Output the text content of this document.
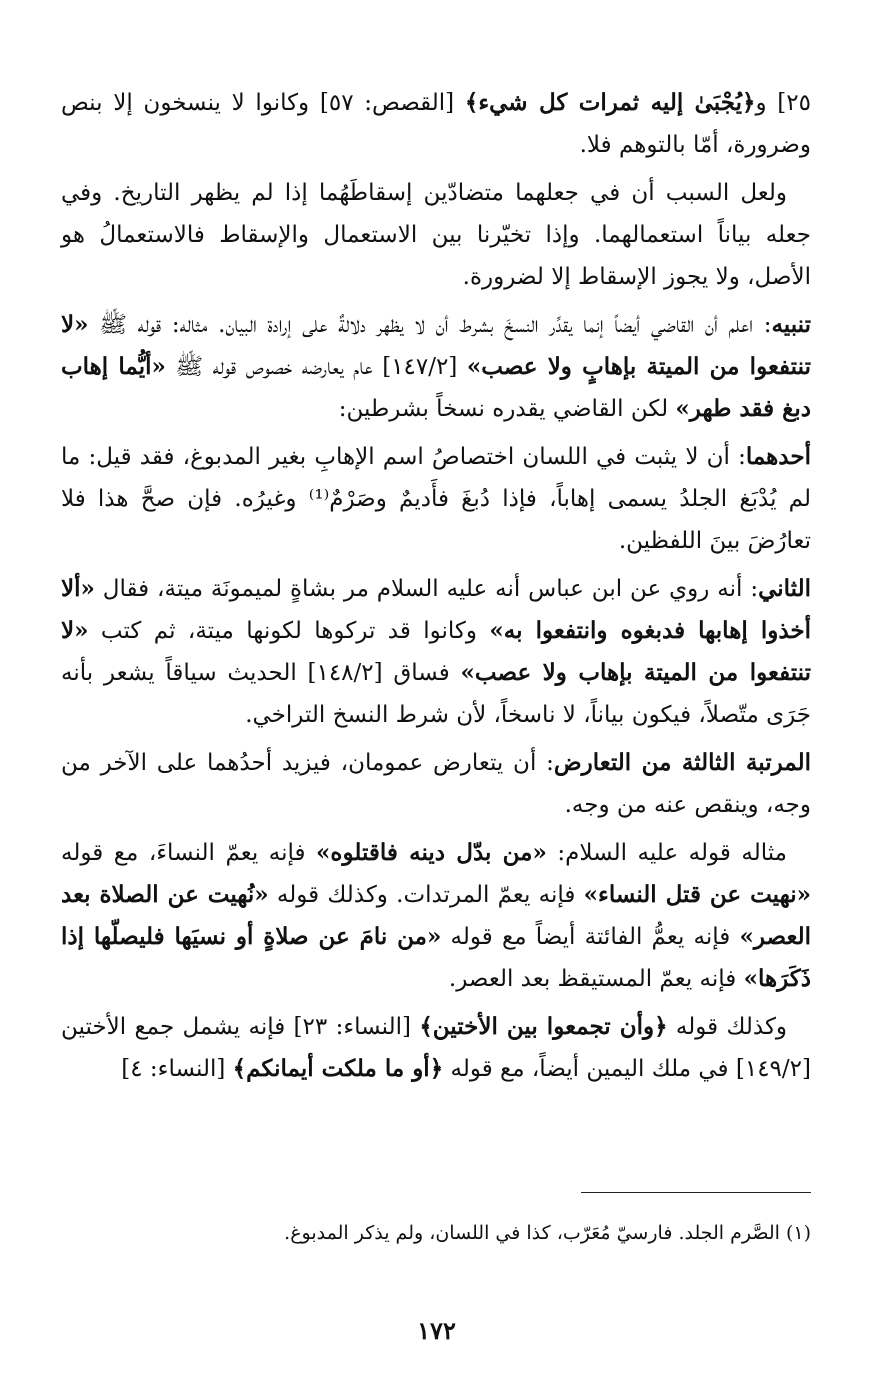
٢٥] و﴿يُجْبَىٰ إليه ثمرات كل شيء﴾ [القصص: ٥٧] وكانوا لا ينسخون إلا بنص وضرورة، أمّا بالتوهم فلا.

ولعل السبب أن في جعلهما متضادّين إسقاطَهُما إذا لم يظهر التاريخ. وفي جعله بياناً استعمالهما. وإذا تخيّرنا بين الاستعمال والإسقاط فالاستعمالُ هو الأصل، ولا يجوز الإسقاط إلا لضرورة.

تنبيه: اعلم أن القاضي أيضاً إنما يقدِّر النسخَ بشرط أن لا يظهر دلالةٌ على إرادة البيان. مثاله: قوله ﷺ «لا تنتفعوا من الميتة بإهابٍ ولا عصب» [١٤٧/٢] عام يعارضه خصوص قوله ﷺ «أيُّما إهاب دبغ فقد طهر» لكن القاضي يقدره نسخاً بشرطين:

أحدهما: أن لا يثبت في اللسان اختصاصُ اسم الإهابِ بغير المدبوغ، فقد قيل: ما لم يُدْبَغ الجلدُ يسمى إهاباً، فإذا دُبغَ فأَديمٌ وصَرْمٌ⁽¹⁾ وغيرُه. فإن صحَّ هذا فلا تعارُضَ بينَ اللفظين.

الثاني: أنه روي عن ابن عباس أنه عليه السلام مر بشاةٍ لميمونَة ميتة، فقال «ألا أخذوا إهابها فدبغوه وانتفعوا به» وكانوا قد تركوها لكونها ميتة، ثم كتب «لا تنتفعوا من الميتة بإهاب ولا عصب» فساق [١٤٨/٢] الحديث سياقاً يشعر بأنه جَرَى متّصلاً، فيكون بياناً، لا ناسخاً، لأن شرط النسخ التراخي.

المرتبة الثالثة من التعارض: أن يتعارض عمومان، فيزيد أحدُهما على الآخر من وجه، وينقص عنه من وجه.

مثاله قوله عليه السلام: «من بدّل دينه فاقتلوه» فإنه يعمّ النساءَ، مع قوله «نهيت عن قتل النساء» فإنه يعمّ المرتدات. وكذلك قوله «نُهيت عن الصلاة بعد العصر» فإنه يعمُّ الفائتة أيضاً مع قوله «من نامَ عن صلاةٍ أو نسيَها فليصلّها إذا ذَكَرَها» فإنه يعمّ المستيقظ بعد العصر.

وكذلك قوله ﴿وأن تجمعوا بين الأختين﴾ [النساء: ٢٣] فإنه يشمل جمع الأختين [١٤٩/٢] في ملك اليمين أيضاً، مع قوله ﴿أو ما ملكت أيمانكم﴾ [النساء: ٤]

(١) الصَّرم الجلد. فارسيّ مُعَرّب، كذا في اللسان، ولم يذكر المدبوغ.
١٧٢
